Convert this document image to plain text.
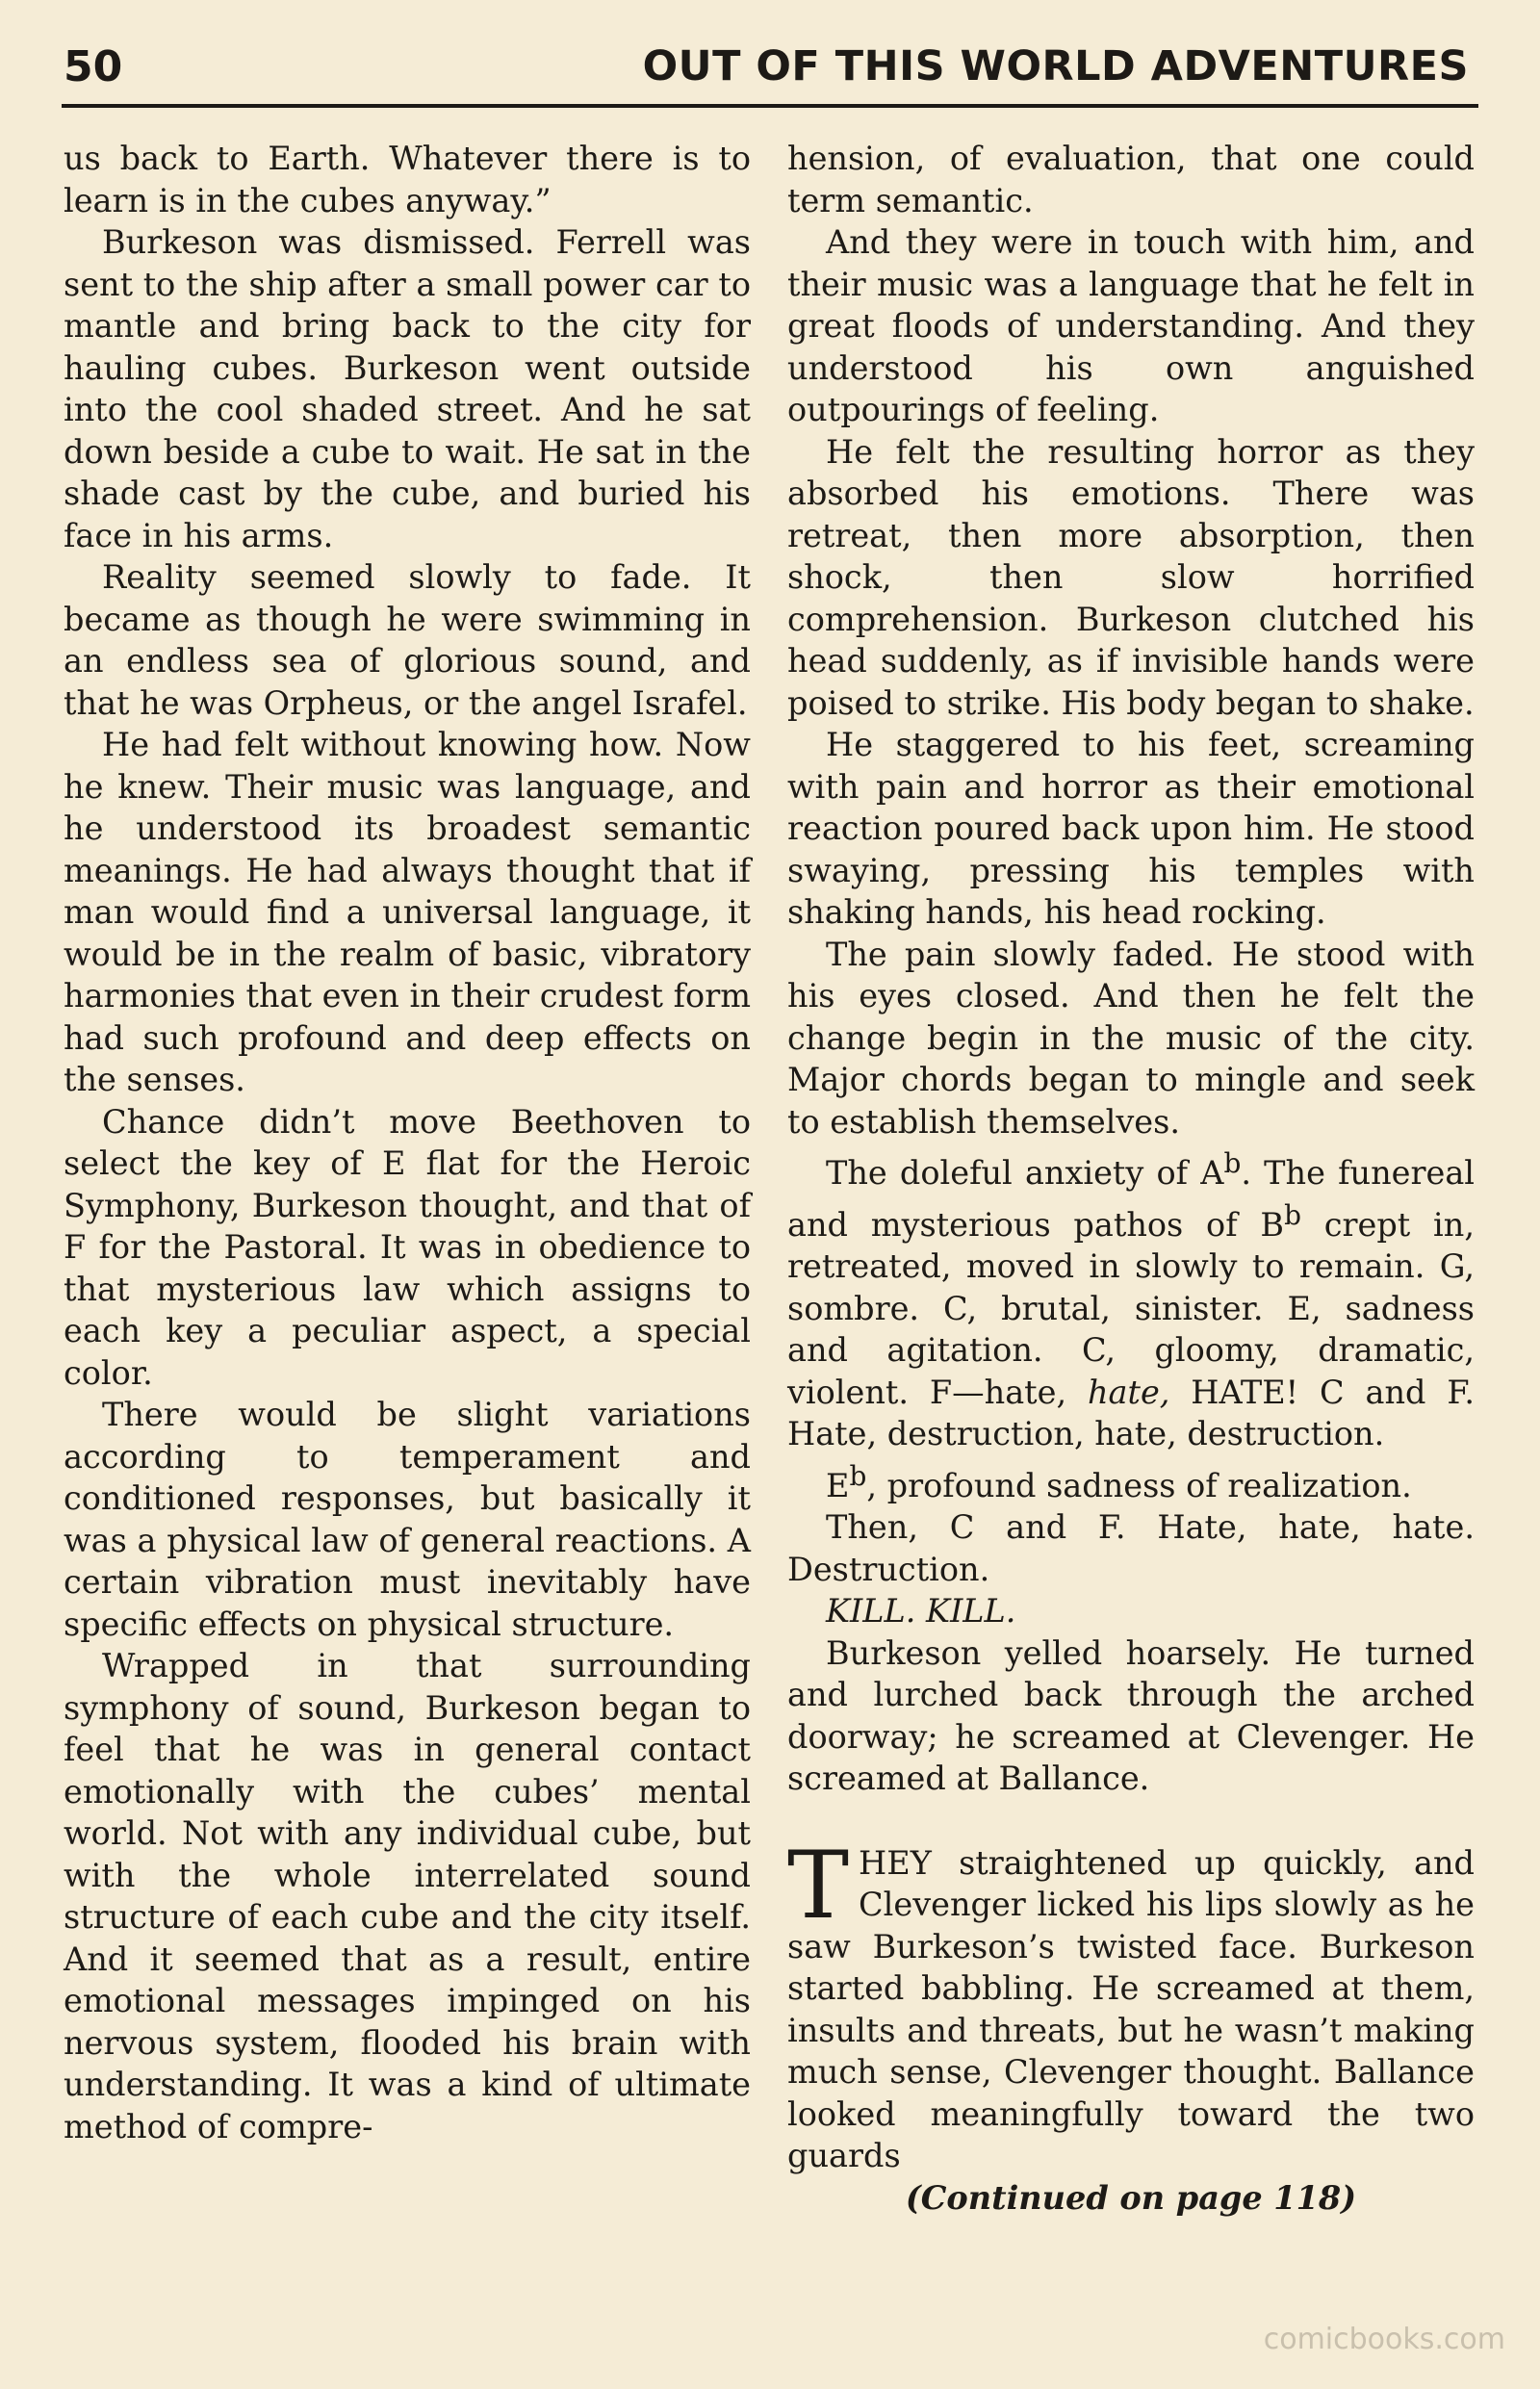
50	OUT OF THIS WORLD ADVENTURES

us back to Earth. Whatever there is to learn is in the cubes anyway.”

Burkeson was dismissed. Ferrell was sent to the ship after a small power car to mantle and bring back to the city for hauling cubes. Burkeson went outside into the cool shaded street. And he sat down beside a cube to wait. He sat in the shade cast by the cube, and buried his face in his arms.

Reality seemed slowly to fade. It became as though he were swimming in an endless sea of glorious sound, and that he was Orpheus, or the angel Israfel.

He had felt without knowing how. Now he knew. Their music was language, and he understood its broadest semantic meanings. He had always thought that if man would find a universal language, it would be in the realm of basic, vibratory harmonies that even in their crudest form had such profound and deep effects on the senses.

Chance didn’t move Beethoven to select the key of E flat for the Heroic Symphony, Burkeson thought, and that of F for the Pastoral. It was in obedience to that mysterious law which assigns to each key a peculiar aspect, a special color.

There would be slight variations according to temperament and conditioned responses, but basically it was a physical law of general reactions. A certain vibration must inevitably have specific effects on physical structure.

Wrapped in that surrounding symphony of sound, Burkeson began to feel that he was in general contact emotionally with the cubes’ mental world. Not with any individual cube, but with the whole interrelated sound structure of each cube and the city itself. And it seemed that as a result, entire emotional messages impinged on his nervous system, flooded his brain with understanding. It was a kind of ultimate method of compre-

hension, of evaluation, that one could term semantic.

And they were in touch with him, and their music was a language that he felt in great floods of understanding. And they understood his own anguished outpourings of feeling.

He felt the resulting horror as they absorbed his emotions. There was retreat, then more absorption, then shock, then slow horrified comprehension. Burkeson clutched his head suddenly, as if invisible hands were poised to strike. His body began to shake.

He staggered to his feet, screaming with pain and horror as their emotional reaction poured back upon him. He stood swaying, pressing his temples with shaking hands, his head rocking.

The pain slowly faded. He stood with his eyes closed. And then he felt the change begin in the music of the city. Major chords began to mingle and seek to establish themselves.

The doleful anxiety of $A^b$. The funereal and mysterious pathos of $B^b$ crept in, retreated, moved in slowly to remain. G, sombre. C, brutal, sinister. E, sadness and agitation. C, gloomy, dramatic, violent. F—hate, hate, HATE! C and F. Hate, destruction, hate, destruction.

$E^b$, profound sadness of realization.

Then, C and F. Hate, hate, hate. Destruction.

KILL. KILL.

Burkeson yelled hoarsely. He turned and lurched back through the arched doorway; he screamed at Clevenger. He screamed at Ballance.

THEY straightened up quickly, and Clevenger licked his lips slowly as he saw Burkeson’s twisted face. Burkeson started babbling. He screamed at them, insults and threats, but he wasn’t making much sense, Clevenger thought. Ballance looked meaningfully toward the two guards

(Continued on page 118)

comicbooks.com
